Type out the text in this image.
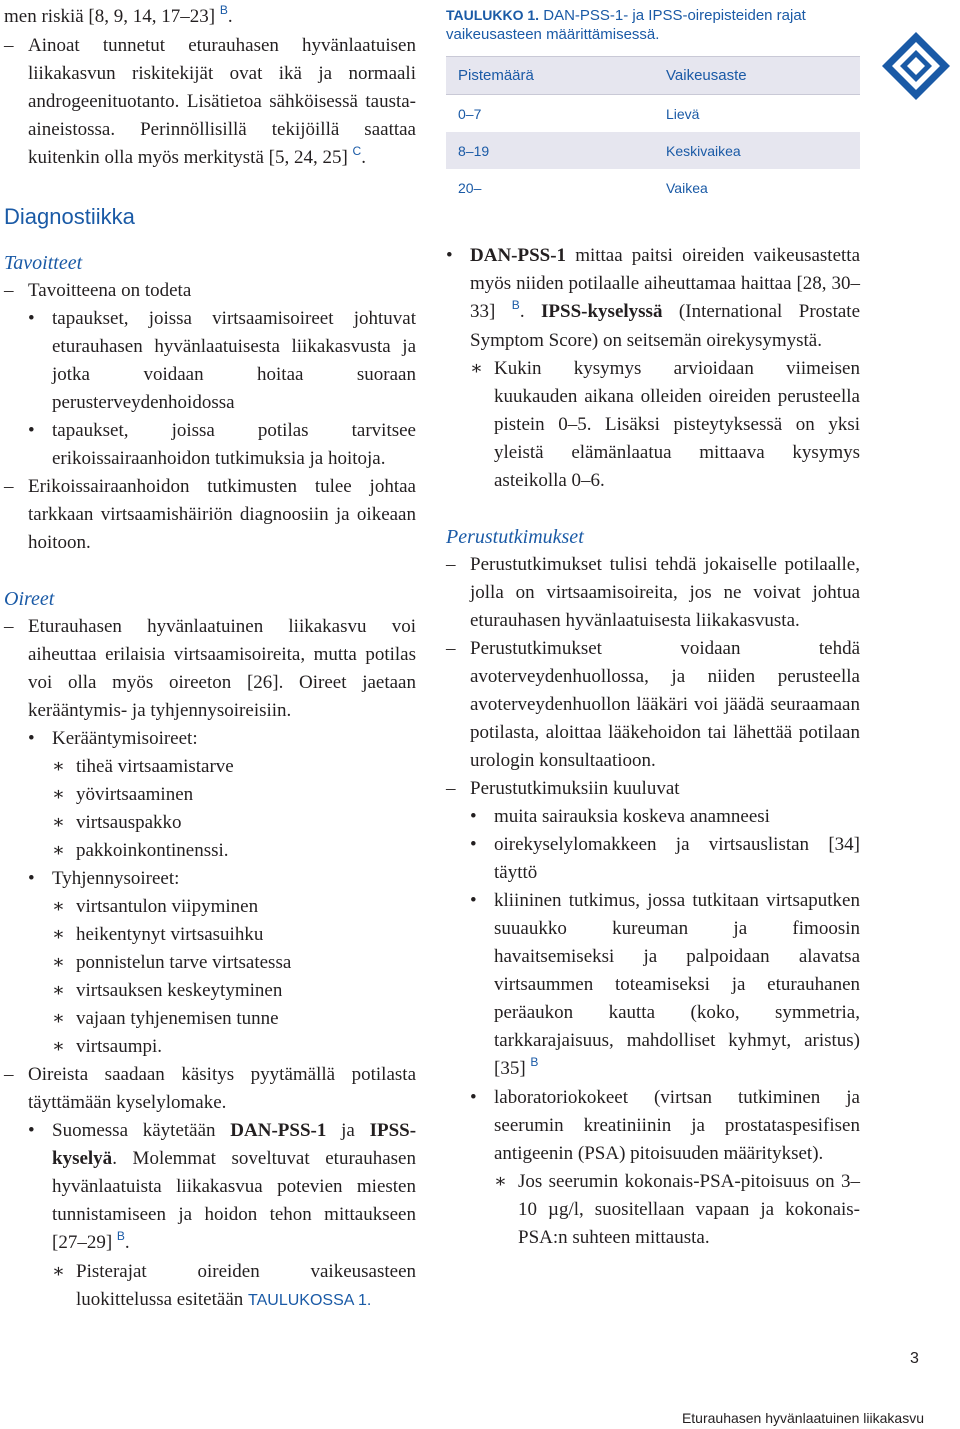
men riskiä [8, 9, 14, 17–23] $^B$.

– Ainoat tunnetut eturauhasen hyvänlaatuisen liikakasvun riskitekijät ovat ikä ja normaali androgeenituotanto. Lisätietoa sähköisessä tausta-aineistossa. Perinnöllisillä tekijöillä saattaa kuitenkin olla myös merkitystä [5, 24, 25] $^C$.
Diagnostiikka
Tavoitteet
– Tavoitteena on todeta
• tapaukset, joissa virtsaamisoireet johtuvat eturauhasen hyvänlaatuisesta liikakasvusta ja jotka voidaan hoitaa suoraan perusterveydenhoidossa
• tapaukset, joissa potilas tarvitsee erikoissairaanhoidon tutkimuksia ja hoitoja.
– Erikoissairaanhoidon tutkimusten tulee johtaa tarkkaan virtsaamishäiriön diagnoosiin ja oikeaan hoitoon.
Oireet
– Eturauhasen hyvänlaatuinen liikakasvu voi aiheuttaa erilaisia virtsaamisoireita, mutta potilas voi olla myös oireeton [26]. Oireet jaetaan kerääntymis- ja tyhjennysoireisiin.
• Kerääntymisoireet:
∗ tiheä virtsaamistarve
∗ yövirtsaaminen
∗ virtsauspakko
∗ pakkoinkontinenssi.
• Tyhjennysoireet:
∗ virtsantulon viipyminen
∗ heikentynyt virtsasuihku
∗ ponnistelun tarve virtsatessa
∗ virtsauksen keskeytyminen
∗ vajaan tyhjenemisen tunne
∗ virtsaumpi.
– Oireista saadaan käsitys pyytämällä potilasta täyttämään kyselylomake.
• Suomessa käytetään DAN-PSS-1 ja IPSS-kyselyä. Molemmat soveltuvat eturauhasen hyvänlaatuista liikakasvua potevien miesten tunnistamiseen ja hoidon tehon mittaukseen [27–29] $^B$.
∗ Pisterajat oireiden vaikeusasteen luokittelussa esitetään TAULUKOSSA 1.
TAULUKKO 1. DAN-PSS-1- ja IPSS-oirepisteiden rajat vaikeusasteen määrittämisessä.
Pistemäärä	Vaikeusaste
0–7	Lievä
8–19	Keskivaikea
20–	Vaikea
• DAN-PSS-1 mittaa paitsi oireiden vaikeusastetta myös niiden potilaalle aiheuttamaa haittaa [28, 30–33] $^B$. IPSS-kyselyssä (International Prostate Symptom Score) on seitsemän oirekysymystä.
∗ Kukin kysymys arvioidaan viimeisen kuukauden aikana olleiden oireiden perusteella pistein 0–5. Lisäksi pisteytyksessä on yksi yleistä elämänlaatua mittaava kysymys asteikolla 0–6.
Perustutkimukset
– Perustutkimukset tulisi tehdä jokaiselle potilaalle, jolla on virtsaamisoireita, jos ne voivat johtua eturauhasen hyvänlaatuisesta liikakasvusta.
– Perustutkimukset voidaan tehdä avoterveydenhuollossa, ja niiden perusteella avoterveydenhuollon lääkäri voi jäädä seuraamaan potilasta, aloittaa lääkehoidon tai lähettää potilaan urologin konsultaatioon.
– Perustutkimuksiin kuuluvat
• muita sairauksia koskeva anamneesi
• oirekyselylomakkeen ja virtsauslistan [34] täyttö
• kliininen tutkimus, jossa tutkitaan virtsaputken suuaukko kureuman ja fimoosin havaitsemiseksi ja palpoidaan alavatsa virtsaummen toteamiseksi ja eturauhanen peräaukon kautta (koko, symmetria, tarkkarajaisuus, mahdolliset kyhmyt, aristus) [35] $^B$
• laboratoriokokeet (virtsan tutkiminen ja seerumin kreatiniinin ja prostataspesifisen antigeenin (PSA) pitoisuuden määritykset).
∗ Jos seerumin kokonais-PSA-pitoisuus on 3–10 µg/l, suositellaan vapaan ja kokonais-PSA:n suhteen mittausta.
3
Eturauhasen hyvänlaatuinen liikakasvu
